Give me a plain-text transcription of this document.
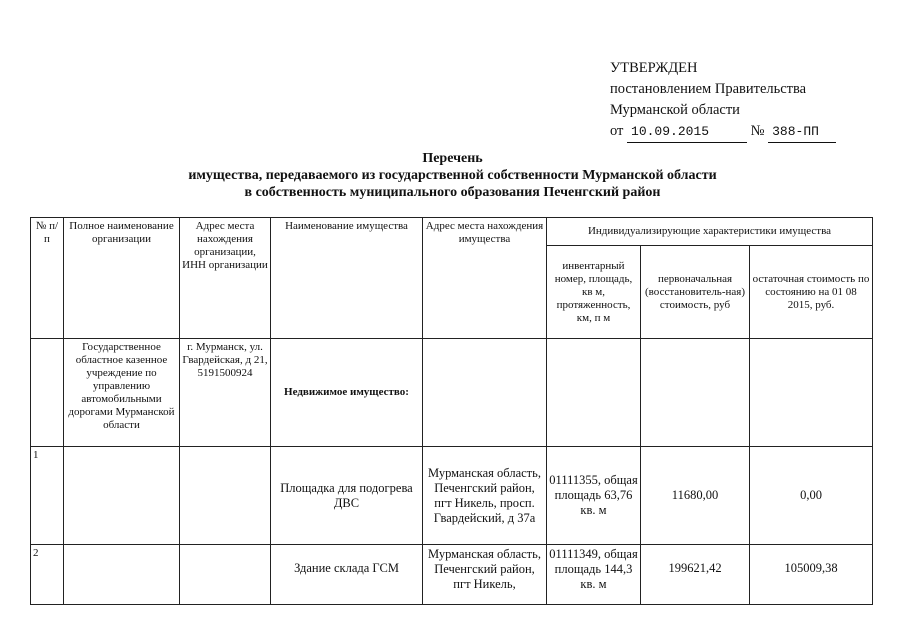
УТВЕРЖДЕН
постановлением Правительства
Мурманской области
от 10.09.2015	№ 388-ПП
Перечень
имущества, передаваемого из государственной собственности Мурманской области
в собственность муниципального образования Печенгский район
№ п/п	Полное наименование организации	Адрес места нахождения организации, ИНН организации	Наименование имущества	Адрес места нахождения имущества	Индивидуализирующие характеристики имущества		
					инвентарный номер, площадь, кв м, протяженность, км, п м	первоначальная (восстановитель-ная) стоимость, руб	остаточная стоимость по состоянию на 01 08 2015, руб.
	Государственное областное казенное учреждение по управлению автомобильными дорогами Мурманской области	г. Мурманск, ул. Гвардейская, д 21, 5191500924	Недвижимое имущество:				
1			Площадка для подогрева ДВС	Мурманская область, Печенгский район, пгт Никель, просп. Гвардейский, д 37а	01111355, общая площадь 63,76 кв. м	11680,00	0,00
2			Здание склада ГСМ	Мурманская область, Печенгский район, пгт Никель,	01111349, общая площадь 144,3 кв. м	199621,42	105009,38
